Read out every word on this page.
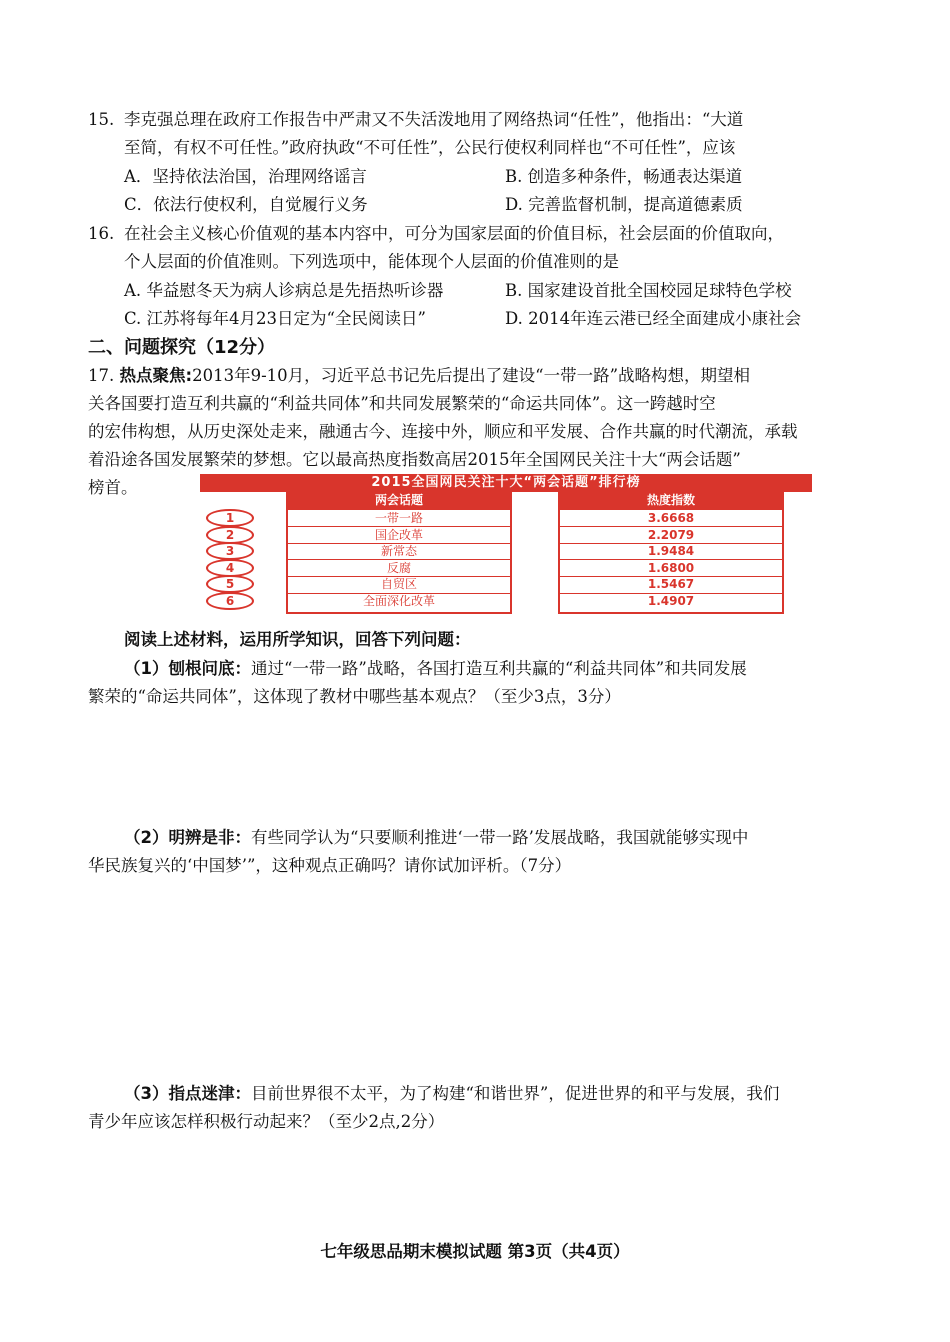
15. 李克强总理在政府工作报告中严肃又不失活泼地用了网络热词“任性”，他指出：“大道
至简，有权不可任性。”政府执政“不可任性”，公民行使权利同样也“不可任性”，应该
A．坚持依法治国，治理网络谣言	B. 创造多种条件，畅通表达渠道
C．依法行使权利，自觉履行义务	D. 完善监督机制，提高道德素质
16. 在社会主义核心价值观的基本内容中，可分为国家层面的价值目标，社会层面的价值取向，
个人层面的价值准则。下列选项中，能体现个人层面的价值准则的是
A. 华益慰冬天为病人诊病总是先捂热听诊器	B. 国家建设首批全国校园足球特色学校
C. 江苏将每年4月23日定为“全民阅读日”	D. 2014年连云港已经全面建成小康社会
二、问题探究（12分）
17. 热点聚焦:2013年9-10月，习近平总书记先后提出了建设“一带一路”战略构想，期望相
关各国要打造互利共赢的“利益共同体”和共同发展繁荣的“命运共同体”。这一跨越时空
的宏伟构想，从历史深处走来，融通古今、连接中外，顺应和平发展、合作共赢的时代潮流，承载
着沿途各国发展繁荣的梦想。它以最高热度指数高居2015年全国网民关注十大“两会话题”
榜首。	2015全国网民关注十大“两会话题”排行榜
两会话题	热度指数
1	一带一路	3.6668
2	国企改革	2.2079
3	新常态	1.9484
4	反腐	1.6800
5	自贸区	1.5467
6	全面深化改革	1.4907
阅读上述材料，运用所学知识，回答下列问题：
（1）刨根问底：通过“一带一路”战略，各国打造互利共赢的“利益共同体”和共同发展
繁荣的“命运共同体”，这体现了教材中哪些基本观点？（至少3点，3分）
（2）明辨是非：有些同学认为“只要顺利推进‘一带一路’发展战略，我国就能够实现中
华民族复兴的‘中国梦’”，这种观点正确吗？请你试加评析。（7分）
（3）指点迷津：目前世界很不太平，为了构建“和谐世界”，促进世界的和平与发展，我们
青少年应该怎样积极行动起来？（至少2点,2分）
七年级思品期末模拟试题 第3页（共4页）
